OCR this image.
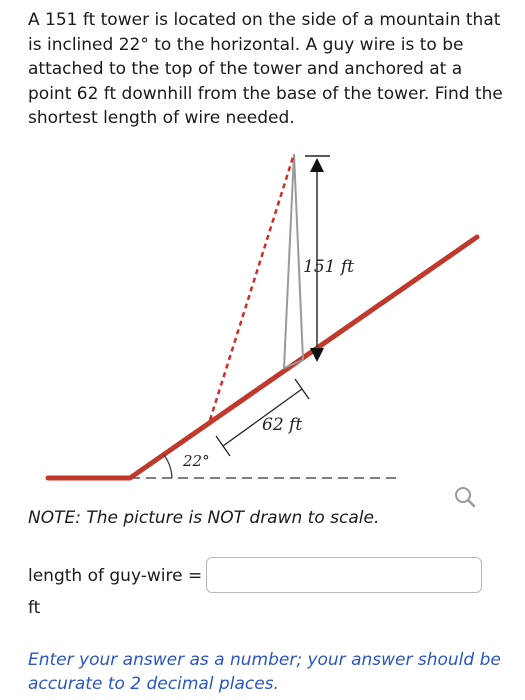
A 151 ft tower is located on the side of a mountain that is inclined 22° to the horizontal. A guy wire is to be attached to the top of the tower and anchored at a point 62 ft downhill from the base of the tower. Find the shortest length of wire needed.

22°
151 ft
62 ft

NOTE: The picture is NOT drawn to scale.

length of guy-wire =
ft

Enter your answer as a number; your answer should be accurate to 2 decimal places.
